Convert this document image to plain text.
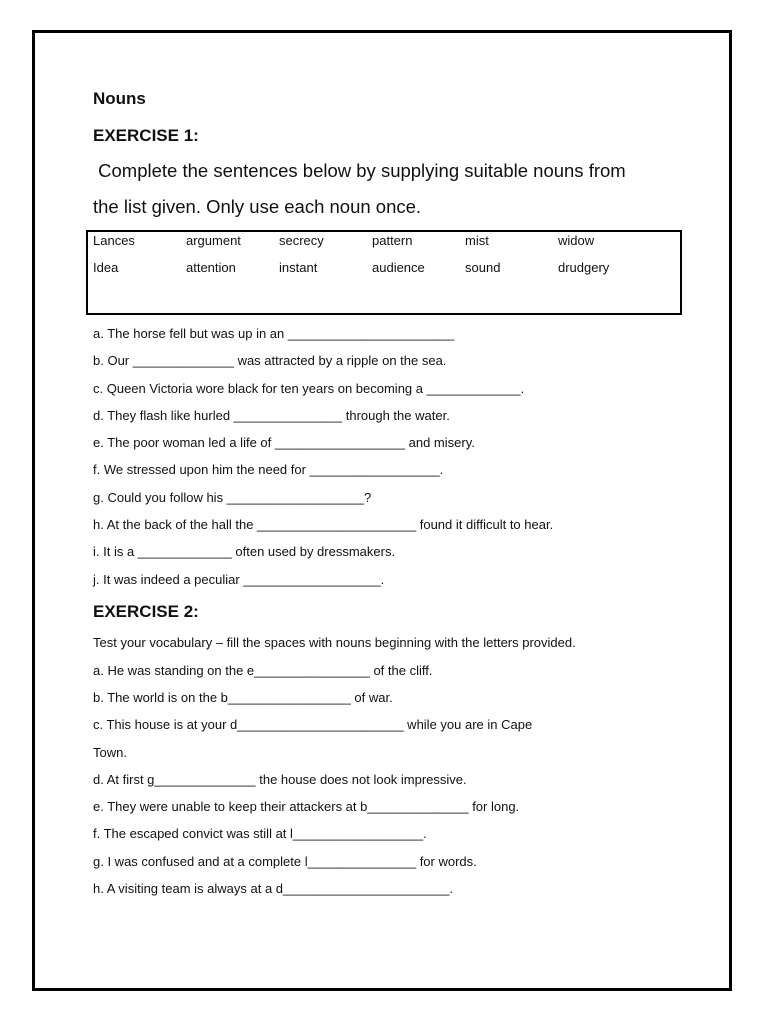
Nouns
EXERCISE 1:
Complete the sentences below by supplying suitable nouns from
the list given. Only use each noun once.
Lances	argument	secrecy	pattern	mist	widow
Idea	attention	instant	audience	sound	drudgery
a. The horse fell but was up in an _______________________
b. Our ______________ was attracted by a ripple on the sea.
c. Queen Victoria wore black for ten years on becoming a _____________.
d. They flash like hurled _______________ through the water.
e. The poor woman led a life of __________________ and misery.
f. We stressed upon him the need for __________________.
g. Could you follow his ___________________?
h. At the back of the hall the ______________________ found it difficult to hear.
i. It is a _____________ often used by dressmakers.
j. It was indeed a peculiar ___________________.
EXERCISE 2:
Test your vocabulary – fill the spaces with nouns beginning with the letters provided.
a. He was standing on the e________________ of the cliff.
b. The world is on the b_________________ of war.
c. This house is at your d_______________________ while you are in Cape
Town.
d. At first g______________ the house does not look impressive.
e. They were unable to keep their attackers at b______________ for long.
f. The escaped convict was still at l__________________.
g. I was confused and at a complete l_______________ for words.
h. A visiting team is always at a d_______________________.
